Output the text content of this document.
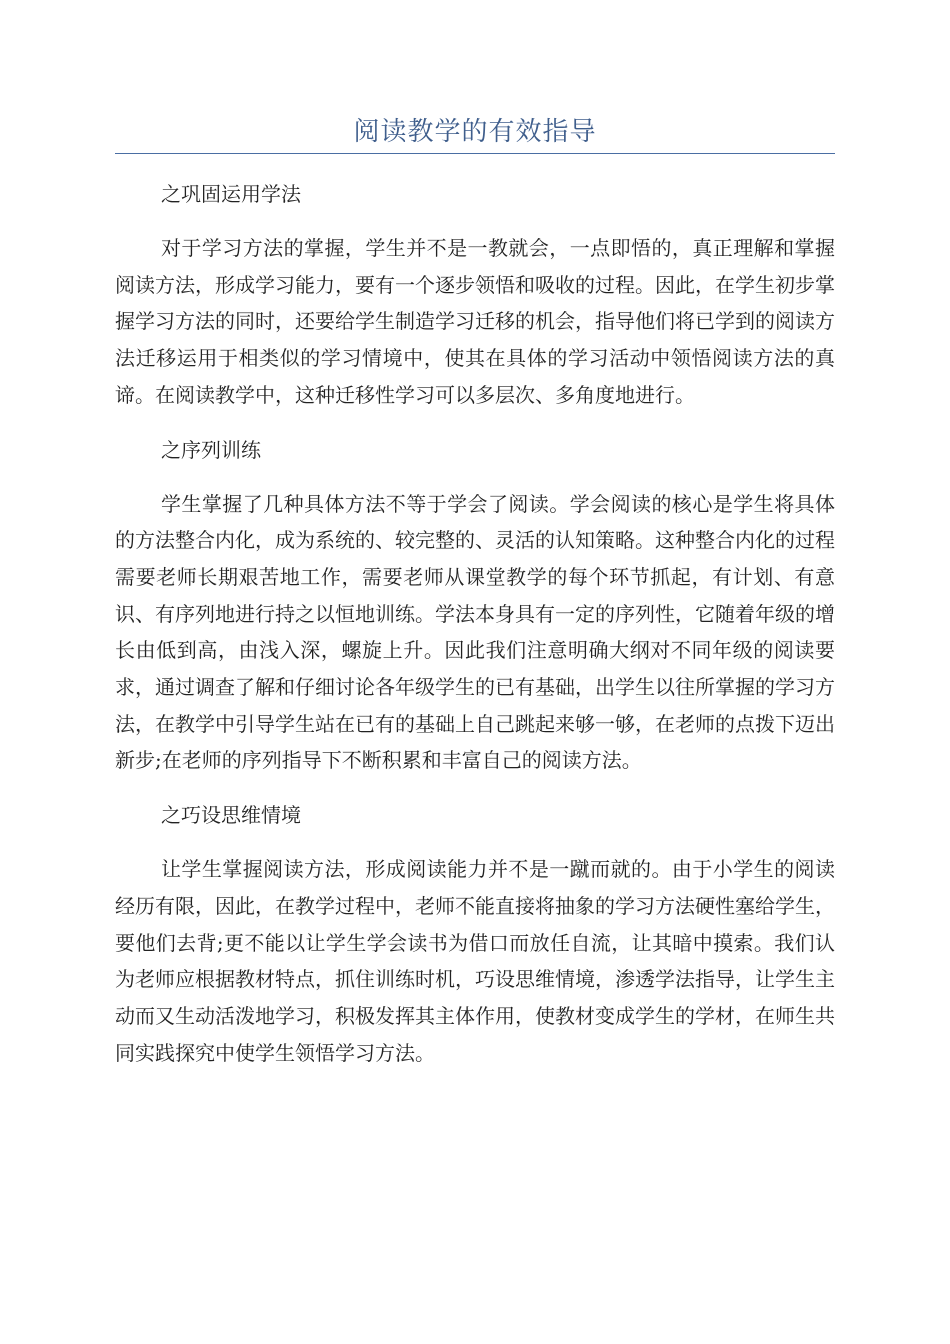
阅读教学的有效指导

之巩固运用学法

对于学习方法的掌握，学生并不是一教就会，一点即悟的，真正理解和掌握阅读方法，形成学习能力，要有一个逐步领悟和吸收的过程。因此，在学生初步掌握学习方法的同时，还要给学生制造学习迁移的机会，指导他们将已学到的阅读方法迁移运用于相类似的学习情境中，使其在具体的学习活动中领悟阅读方法的真谛。在阅读教学中，这种迁移性学习可以多层次、多角度地进行。

之序列训练

学生掌握了几种具体方法不等于学会了阅读。学会阅读的核心是学生将具体的方法整合内化，成为系统的、较完整的、灵活的认知策略。这种整合内化的过程需要老师长期艰苦地工作，需要老师从课堂教学的每个环节抓起，有计划、有意识、有序列地进行持之以恒地训练。学法本身具有一定的序列性，它随着年级的增长由低到高，由浅入深，螺旋上升。因此我们注意明确大纲对不同年级的阅读要求，通过调查了解和仔细讨论各年级学生的已有基础，出学生以往所掌握的学习方法，在教学中引导学生站在已有的基础上自己跳起来够一够，在老师的点拨下迈出新步;在老师的序列指导下不断积累和丰富自己的阅读方法。

之巧设思维情境

让学生掌握阅读方法，形成阅读能力并不是一蹴而就的。由于小学生的阅读经历有限，因此，在教学过程中，老师不能直接将抽象的学习方法硬性塞给学生，要他们去背;更不能以让学生学会读书为借口而放任自流，让其暗中摸索。我们认为老师应根据教材特点，抓住训练时机，巧设思维情境，渗透学法指导，让学生主动而又生动活泼地学习，积极发挥其主体作用，使教材变成学生的学材，在师生共同实践探究中使学生领悟学习方法。
